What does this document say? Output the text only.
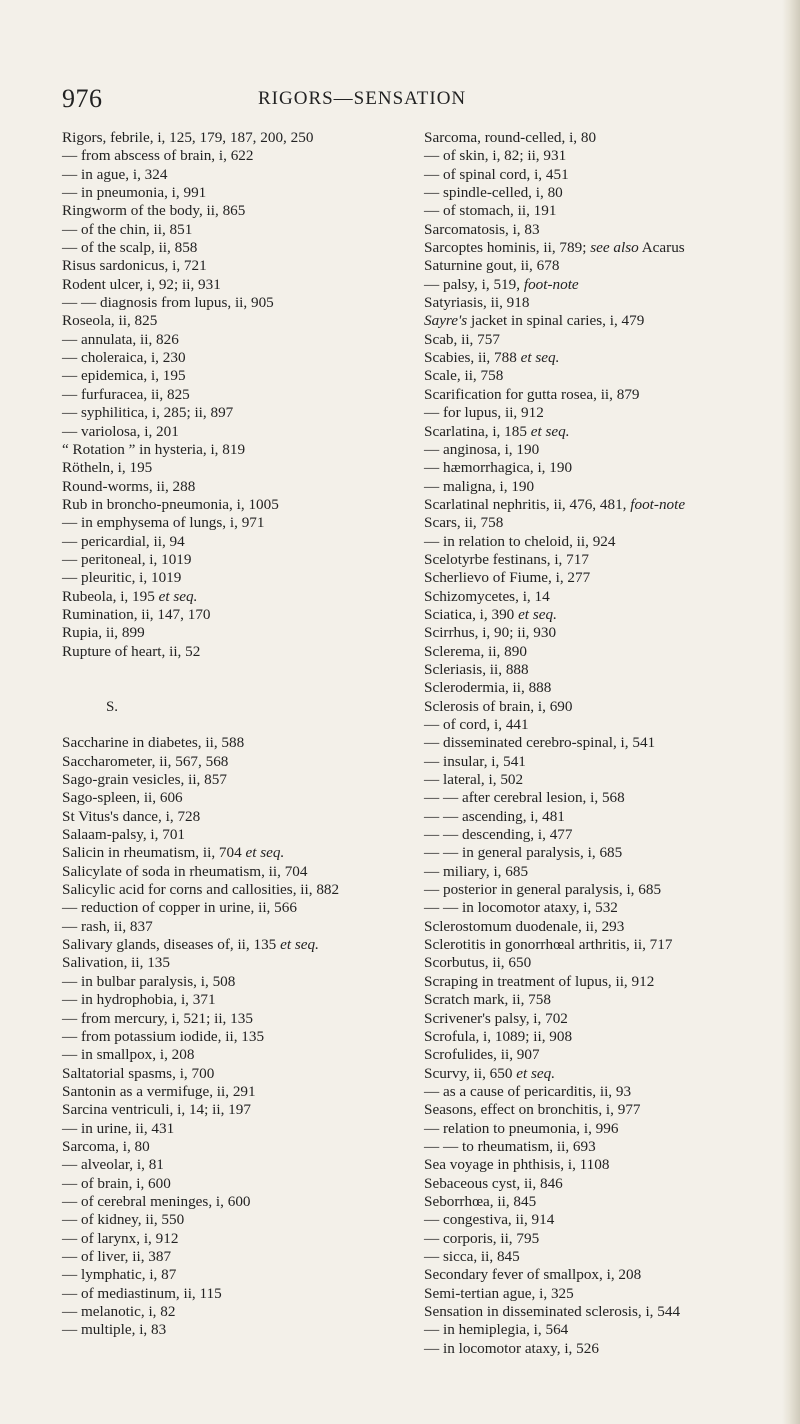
976	RIGORS—SENSATION
Rigors, febrile, i, 125, 179, 187, 200, 250
— from abscess of brain, i, 622
— in ague, i, 324
— in pneumonia, i, 991
Ringworm of the body, ii, 865
— of the chin, ii, 851
— of the scalp, ii, 858
Risus sardonicus, i, 721
Rodent ulcer, i, 92; ii, 931
— — diagnosis from lupus, ii, 905
Roseola, ii, 825
— annulata, ii, 826
— choleraica, i, 230
— epidemica, i, 195
— furfuracea, ii, 825
— syphilitica, i, 285; ii, 897
— variolosa, i, 201
“ Rotation ” in hysteria, i, 819
Rötheln, i, 195
Round-worms, ii, 288
Rub in broncho-pneumonia, i, 1005
— in emphysema of lungs, i, 971
— pericardial, ii, 94
— peritoneal, i, 1019
— pleuritic, i, 1019
Rubeola, i, 195 et seq.
Rumination, ii, 147, 170
Rupia, ii, 899
Rupture of heart, ii, 52
S.
Saccharine in diabetes, ii, 588
Saccharometer, ii, 567, 568
Sago-grain vesicles, ii, 857
Sago-spleen, ii, 606
St Vitus's dance, i, 728
Salaam-palsy, i, 701
Salicin in rheumatism, ii, 704 et seq.
Salicylate of soda in rheumatism, ii, 704
Salicylic acid for corns and callosities, ii, 882
— reduction of copper in urine, ii, 566
— rash, ii, 837
Salivary glands, diseases of, ii, 135 et seq.
Salivation, ii, 135
— in bulbar paralysis, i, 508
— in hydrophobia, i, 371
— from mercury, i, 521; ii, 135
— from potassium iodide, ii, 135
— in smallpox, i, 208
Saltatorial spasms, i, 700
Santonin as a vermifuge, ii, 291
Sarcina ventriculi, i, 14; ii, 197
— in urine, ii, 431
Sarcoma, i, 80
— alveolar, i, 81
— of brain, i, 600
— of cerebral meninges, i, 600
— of kidney, ii, 550
— of larynx, i, 912
— of liver, ii, 387
— lymphatic, i, 87
— of mediastinum, ii, 115
— melanotic, i, 82
— multiple, i, 83
Sarcoma, round-celled, i, 80
— of skin, i, 82; ii, 931
— of spinal cord, i, 451
— spindle-celled, i, 80
— of stomach, ii, 191
Sarcomatosis, i, 83
Sarcoptes hominis, ii, 789; see also Acarus
Saturnine gout, ii, 678
— palsy, i, 519, foot-note
Satyriasis, ii, 918
Sayre's jacket in spinal caries, i, 479
Scab, ii, 757
Scabies, ii, 788 et seq.
Scale, ii, 758
Scarification for gutta rosea, ii, 879
— for lupus, ii, 912
Scarlatina, i, 185 et seq.
— anginosa, i, 190
— hæmorrhagica, i, 190
— maligna, i, 190
Scarlatinal nephritis, ii, 476, 481, foot-note
Scars, ii, 758
— in relation to cheloid, ii, 924
Scelotyrbe festinans, i, 717
Scherlievo of Fiume, i, 277
Schizomycetes, i, 14
Sciatica, i, 390 et seq.
Scirrhus, i, 90; ii, 930
Sclerema, ii, 890
Scleriasis, ii, 888
Sclerodermia, ii, 888
Sclerosis of brain, i, 690
— of cord, i, 441
— disseminated cerebro-spinal, i, 541
— insular, i, 541
— lateral, i, 502
— — after cerebral lesion, i, 568
— — ascending, i, 481
— — descending, i, 477
— — in general paralysis, i, 685
— miliary, i, 685
— posterior in general paralysis, i, 685
— — in locomotor ataxy, i, 532
Sclerostomum duodenale, ii, 293
Sclerotitis in gonorrhœal arthritis, ii, 717
Scorbutus, ii, 650
Scraping in treatment of lupus, ii, 912
Scratch mark, ii, 758
Scrivener's palsy, i, 702
Scrofula, i, 1089; ii, 908
Scrofulides, ii, 907
Scurvy, ii, 650 et seq.
— as a cause of pericarditis, ii, 93
Seasons, effect on bronchitis, i, 977
— relation to pneumonia, i, 996
— — to rheumatism, ii, 693
Sea voyage in phthisis, i, 1108
Sebaceous cyst, ii, 846
Seborrhœa, ii, 845
— congestiva, ii, 914
— corporis, ii, 795
— sicca, ii, 845
Secondary fever of smallpox, i, 208
Semi-tertian ague, i, 325
Sensation in disseminated sclerosis, i, 544
— in hemiplegia, i, 564
— in locomotor ataxy, i, 526
